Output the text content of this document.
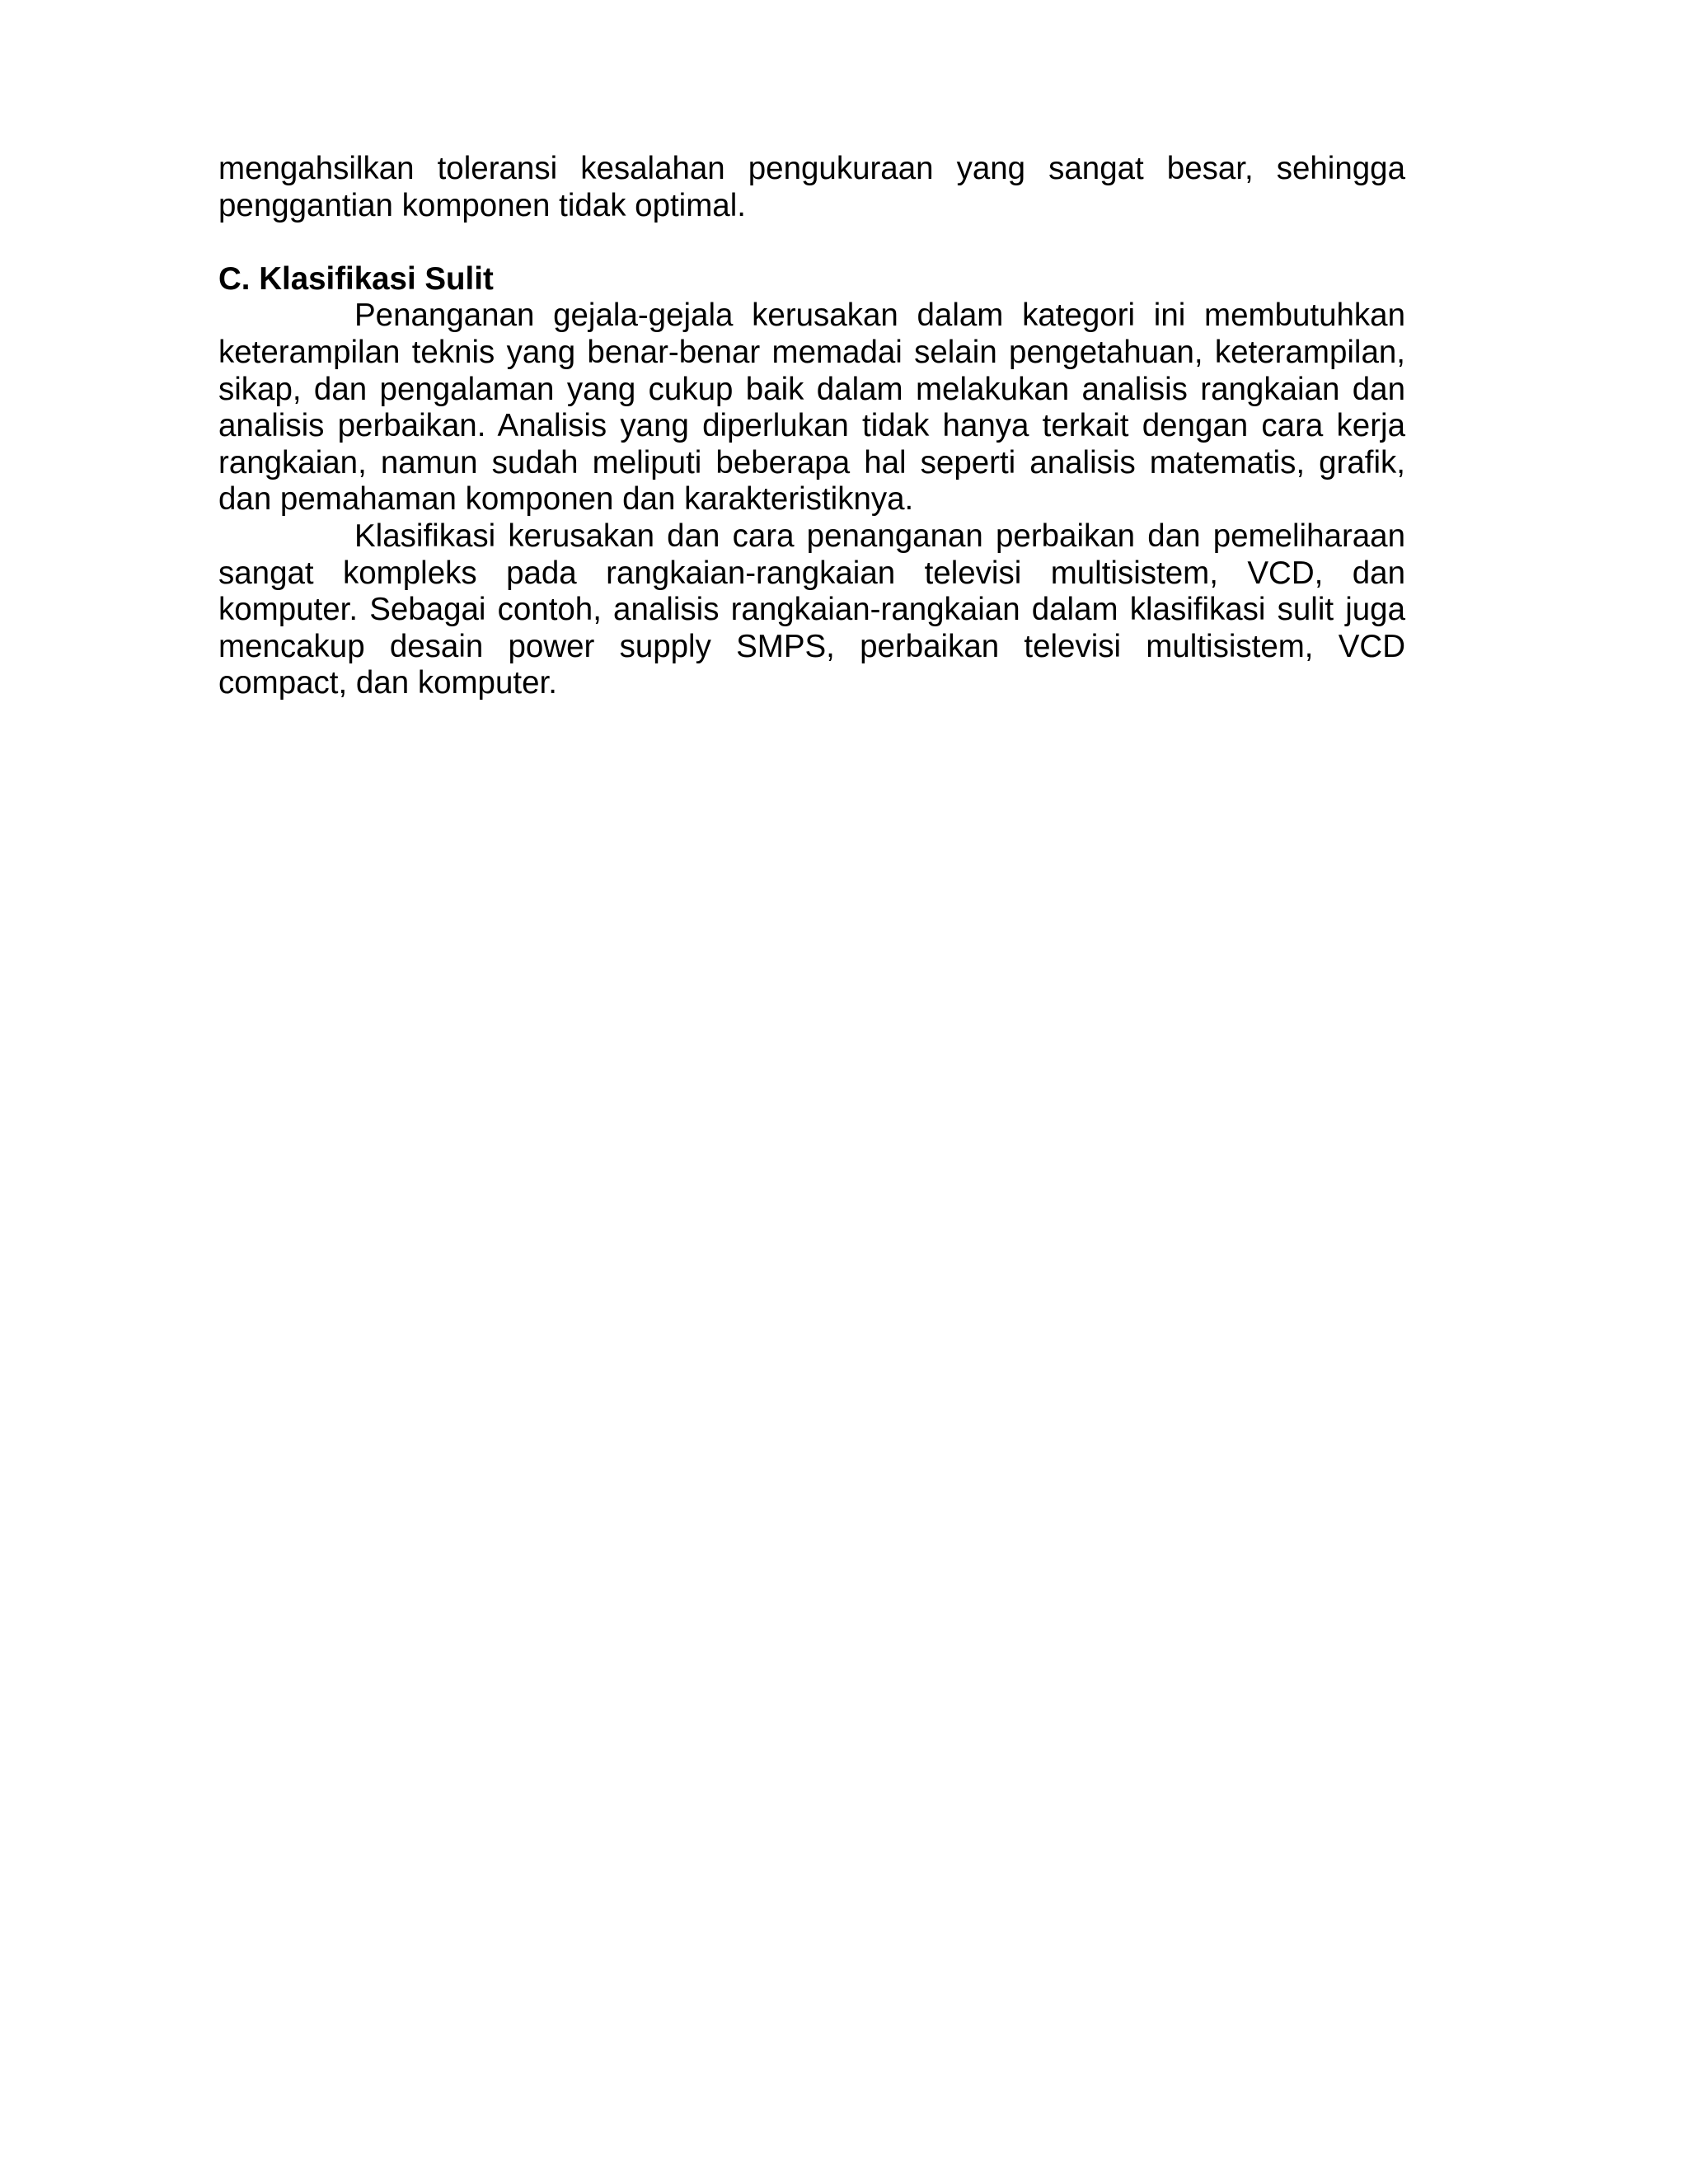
mengahsilkan toleransi kesalahan pengukuraan yang sangat besar, sehingga penggantian komponen tidak optimal.

C. Klasifikasi Sulit

Penanganan gejala-gejala kerusakan dalam kategori ini membutuhkan keterampilan teknis yang benar-benar memadai selain pengetahuan, keterampilan, sikap, dan pengalaman yang cukup baik dalam melakukan analisis rangkaian dan analisis perbaikan. Analisis yang diperlukan tidak hanya terkait dengan cara kerja rangkaian, namun sudah meliputi beberapa hal seperti analisis matematis, grafik, dan pemahaman komponen dan karakteristiknya.

Klasifikasi kerusakan dan cara penanganan perbaikan dan pemeliharaan sangat kompleks pada rangkaian-rangkaian televisi multisistem, VCD, dan komputer. Sebagai contoh, analisis rangkaian-rangkaian dalam klasifikasi sulit juga mencakup desain power supply SMPS, perbaikan televisi multisistem, VCD compact, dan komputer.
